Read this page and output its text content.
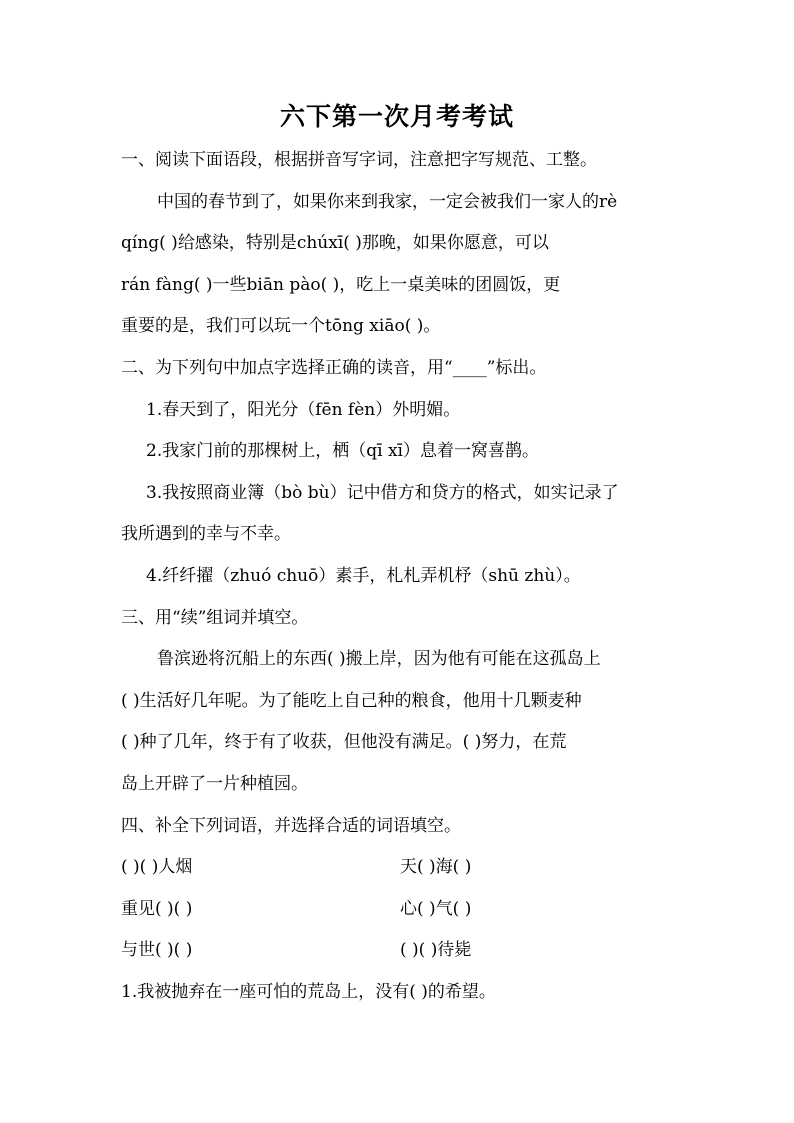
六下第一次月考考试
一、阅读下面语段，根据拼音写字词，注意把字写规范、工整。
中国的春节到了，如果你来到我家，一定会被我们一家人的rè
qíng( )给感染，特别是chúxī( )那晚，如果你愿意，可以
rán fàng( )一些biān pào( )，吃上一桌美味的团圆饭，更
重要的是，我们可以玩一个tōng xiāo( )。
二、为下列句中加点字选择正确的读音，用“____”标出。
1.春天到了，阳光分（fēn fèn）外明媚。
2.我家门前的那棵树上，栖（qī xī）息着一窝喜鹊。
3.我按照商业簿（bò bù）记中借方和贷方的格式，如实记录了
我所遇到的幸与不幸。
4.纤纤擢（zhuó chuō）素手，札札弄机杼（shū zhù）。
三、用“续”组词并填空。
鲁滨逊将沉船上的东西( )搬上岸，因为他有可能在这孤岛上
( )生活好几年呢。为了能吃上自己种的粮食，他用十几颗麦种
( )种了几年，终于有了收获，但他没有满足。( )努力，在荒
岛上开辟了一片种植园。
四、补全下列词语，并选择合适的词语填空。
( )( )人烟	天( )海( )
重见( )( )	心( )气( )
与世( )( )	( )( )待毙
1.我被抛弃在一座可怕的荒岛上，没有( )的希望。
